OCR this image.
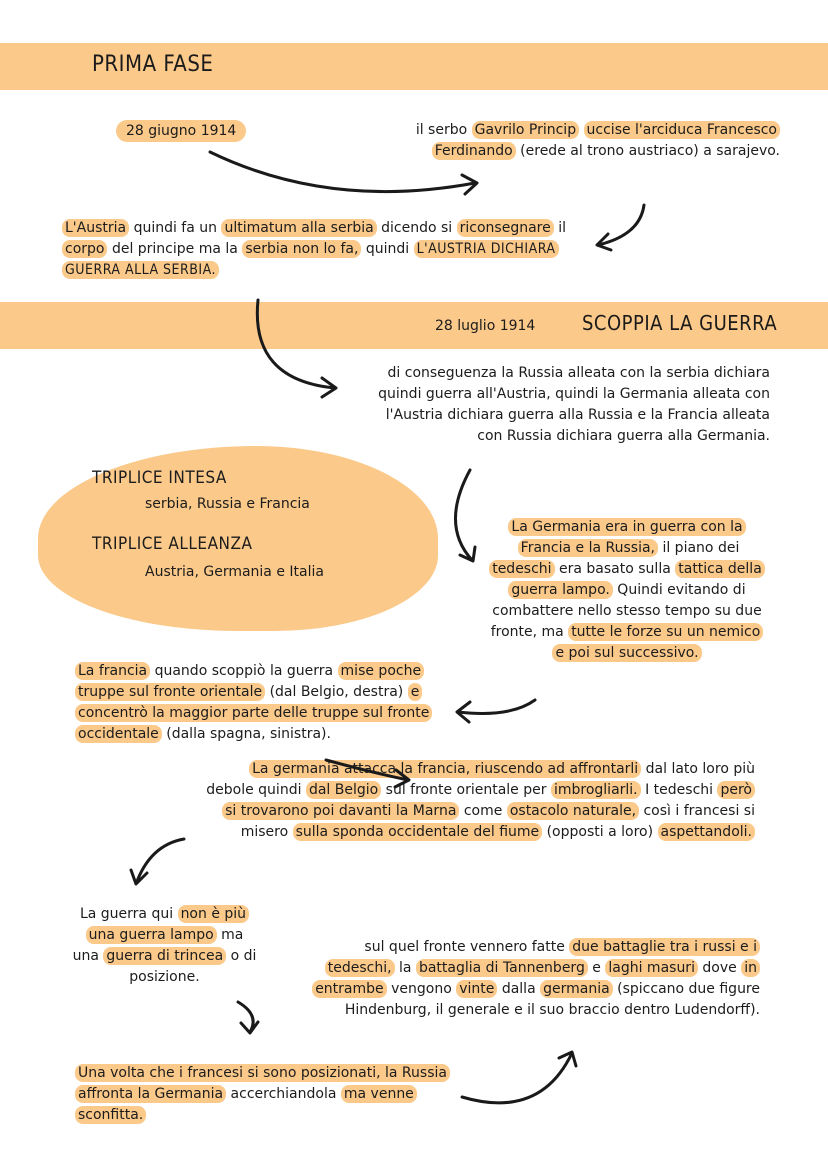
PRIMA FASE
28 giugno 1914	il serbo Gavrilo Princip uccise l'arciduca Francesco Ferdinando (erede al trono austriaco) a sarajevo.
L'Austria quindi fa un ultimatum alla serbia dicendo si riconsegnare il corpo del principe ma la serbia non lo fa, quindi L'AUSTRIA DICHIARA GUERRA ALLA SERBIA.
28 luglio 1914 SCOPPIA LA GUERRA
di conseguenza la Russia alleata con la serbia dichiara quindi guerra all'Austria, quindi la Germania alleata con l'Austria dichiara guerra alla Russia e la Francia alleata con Russia dichiara guerra alla Germania.
TRIPLICE INTESA
serbia, Russia e Francia
TRIPLICE ALLEANZA
Austria, Germania e Italia
La Germania era in guerra con la Francia e la Russia, il piano dei tedeschi era basato sulla tattica della guerra lampo. Quindi evitando di combattere nello stesso tempo su due fronte, ma tutte le forze su un nemico e poi sul successivo.
La francia quando scoppiò la guerra mise poche truppe sul fronte orientale (dal Belgio, destra) e concentrò la maggior parte delle truppe sul fronte occidentale (dalla spagna, sinistra).
La germania attacca la francia, riuscendo ad affrontarli dal lato loro più debole quindi dal Belgio sul fronte orientale per imbrogliarli. I tedeschi però si trovarono poi davanti la Marna come ostacolo naturale, così i francesi si misero sulla sponda occidentale del fiume (opposti a loro) aspettandoli.
La guerra qui non è più una guerra lampo ma una guerra di trincea o di posizione.
sul quel fronte vennero fatte due battaglie tra i russi e i tedeschi, la battaglia di Tannenberg e laghi masuri dove in entrambe vengono vinte dalla germania (spiccano due figure Hindenburg, il generale e il suo braccio dentro Ludendorff).
Una volta che i francesi si sono posizionati, la Russia affronta la Germania accerchiandola ma venne sconfitta.
